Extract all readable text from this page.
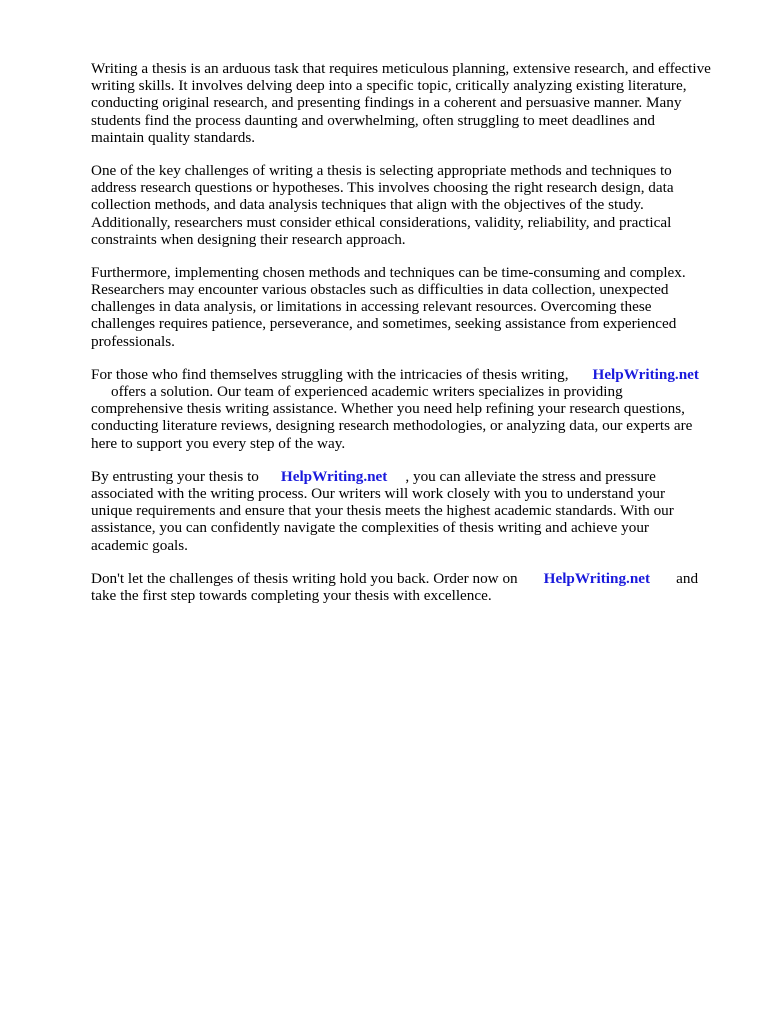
Writing a thesis is an arduous task that requires meticulous planning, extensive research, and effective
writing skills. It involves delving deep into a specific topic, critically analyzing existing literature,
conducting original research, and presenting findings in a coherent and persuasive manner. Many
students find the process daunting and overwhelming, often struggling to meet deadlines and
maintain quality standards.

One of the key challenges of writing a thesis is selecting appropriate methods and techniques to
address research questions or hypotheses. This involves choosing the right research design, data
collection methods, and data analysis techniques that align with the objectives of the study.
Additionally, researchers must consider ethical considerations, validity, reliability, and practical
constraints when designing their research approach.

Furthermore, implementing chosen methods and techniques can be time-consuming and complex.
Researchers may encounter various obstacles such as difficulties in data collection, unexpected
challenges in data analysis, or limitations in accessing relevant resources. Overcoming these
challenges requires patience, perseverance, and sometimes, seeking assistance from experienced
professionals.

For those who find themselves struggling with the intricacies of thesis writing, HelpWriting.net
offers a solution. Our team of experienced academic writers specializes in providing
comprehensive thesis writing assistance. Whether you need help refining your research questions,
conducting literature reviews, designing research methodologies, or analyzing data, our experts are
here to support you every step of the way.

By entrusting your thesis to HelpWriting.net , you can alleviate the stress and pressure
associated with the writing process. Our writers will work closely with you to understand your
unique requirements and ensure that your thesis meets the highest academic standards. With our
assistance, you can confidently navigate the complexities of thesis writing and achieve your
academic goals.

Don't let the challenges of thesis writing hold you back. Order now on HelpWriting.net and
take the first step towards completing your thesis with excellence.
